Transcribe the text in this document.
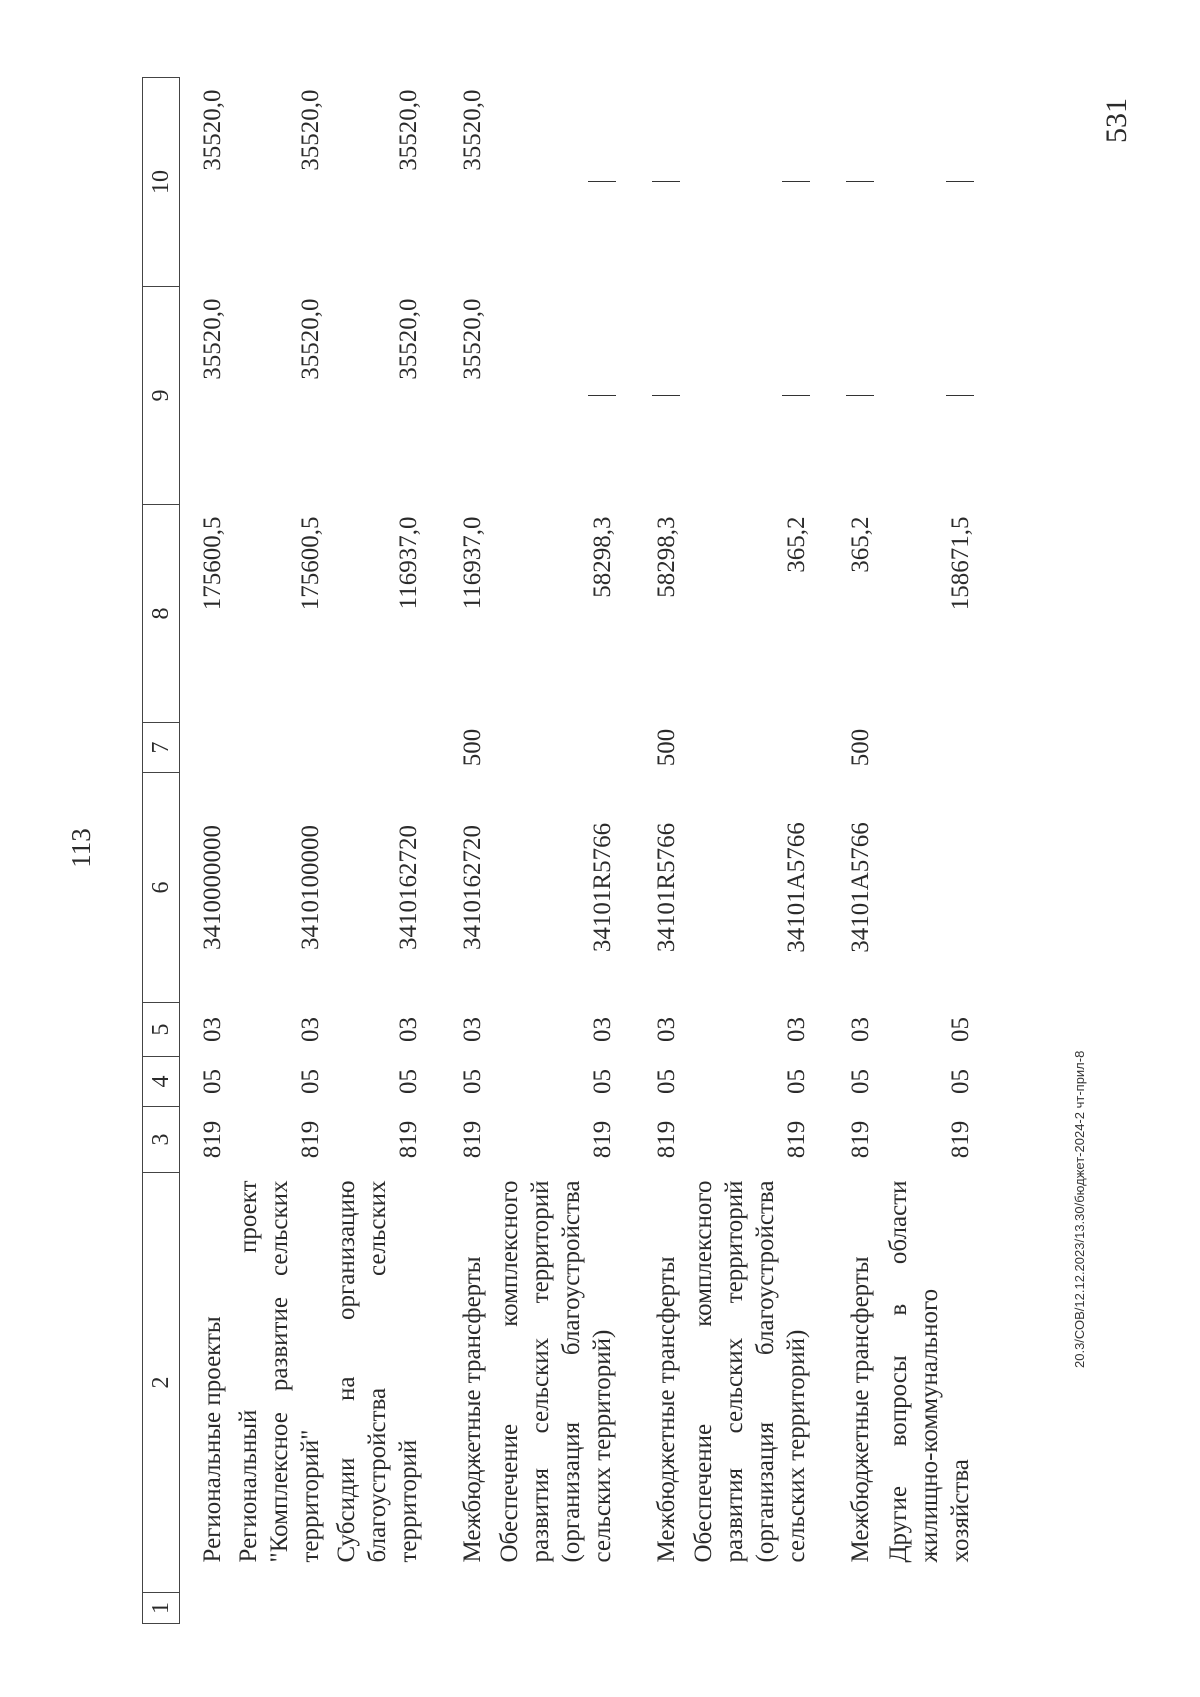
113
1	2	3	4	5	6	7	8	9	10
	Региональные проекты	819	05	03	3410000000		175600,5	35520,0	35520,0
	Региональный проект "Комплексное развитие сельских территорий"	819	05	03	3410100000		175600,5	35520,0	35520,0
	Субсидии на организацию благоустройства сельских территорий	819	05	03	3410162720		116937,0	35520,0	35520,0
	Межбюджетные трансферты	819	05	03	3410162720	500	116937,0	35520,0	35520,0
	Обеспечение комплексного развития сельских территорий (организация благоустройства сельских территорий)	819	05	03	34101R5766		58298,3		
	Межбюджетные трансферты	819	05	03	34101R5766	500	58298,3		
	Обеспечение комплексного развития сельских территорий (организация благоустройства сельских территорий)	819	05	03	34101A5766		365,2		
	Межбюджетные трансферты	819	05	03	34101A5766	500	365,2		
	Другие вопросы в области жилищно-коммунального хозяйства	819	05	05			158671,5		
20.3/СОВ/12.12.2023/13.30/бюджет-2024-2 чт-прил-8
531
